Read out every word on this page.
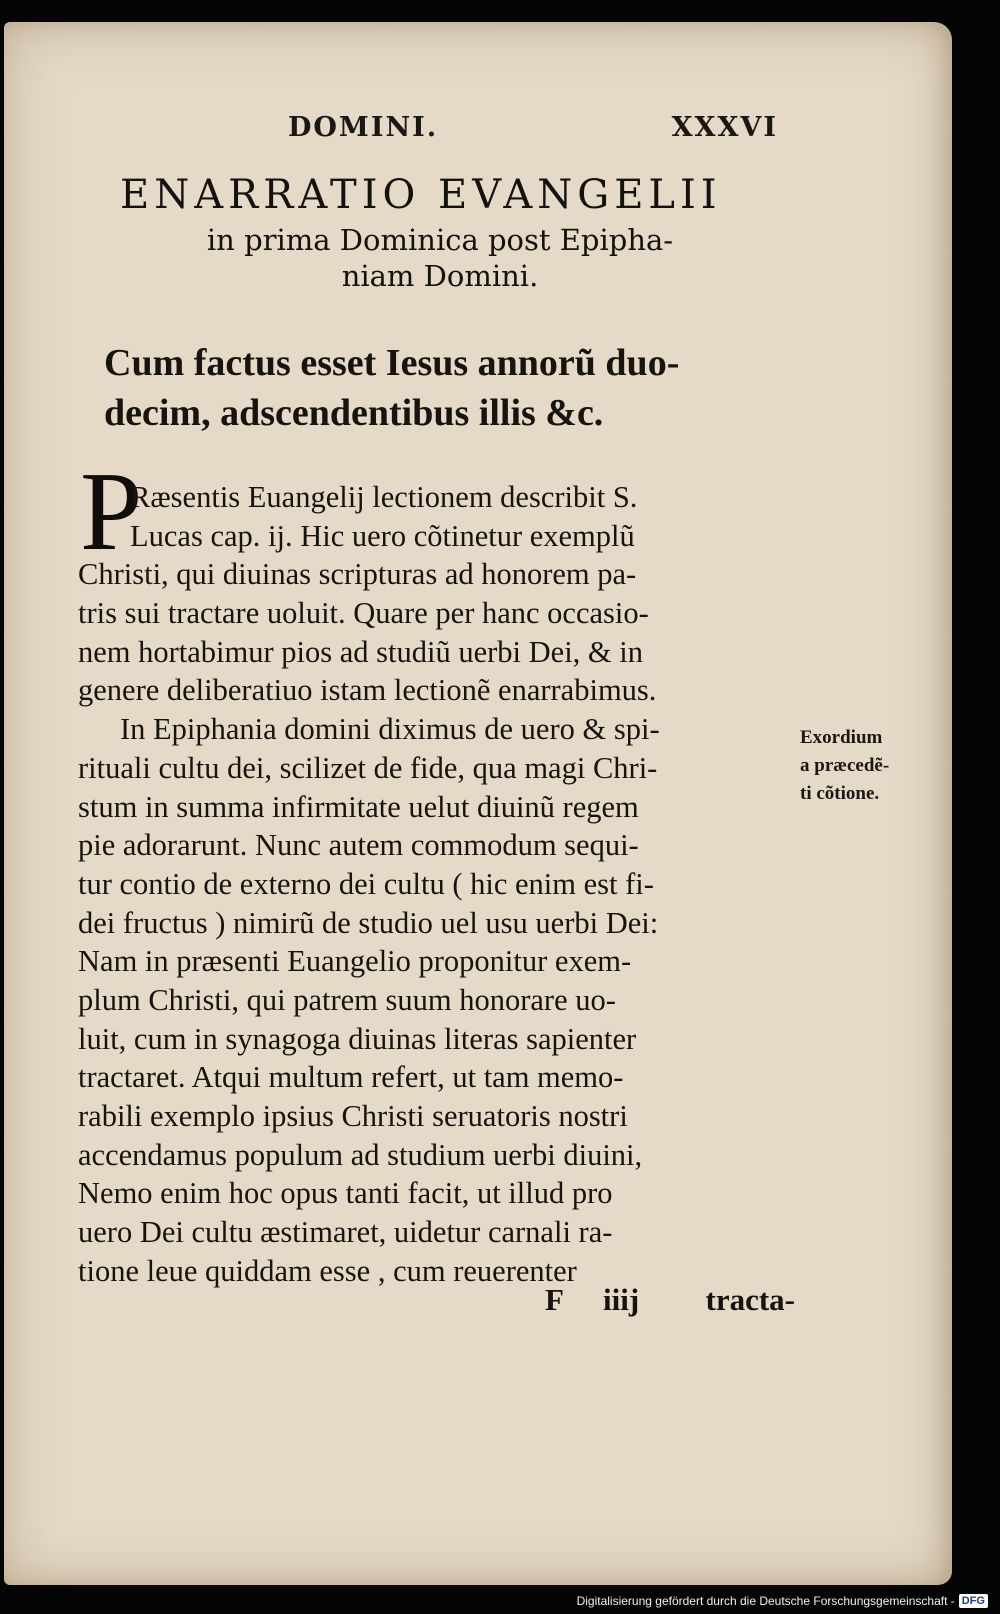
DOMINI.	XXXVI
ENARRATIO EVANGELII
in prima Dominica post Epipha-
niam Domini.
Cum factus esset Iesus annorũ duo-
decim, adscendentibus illis &c.
P
Ræsentis Euangelij lectionem describit S.
Lucas cap. ij. Hic uero cõtinetur exemplũ
Christi, qui diuinas scripturas ad honorem pa-
tris sui tractare uoluit. Quare per hanc occasio-
nem hortabimur pios ad studiũ uerbi Dei, & in
genere deliberatiuo istam lectionẽ enarrabimus.
In Epiphania domini diximus de uero & spi-
rituali cultu dei, scilizet de fide, qua magi Chri-
stum in summa infirmitate uelut diuinũ regem
pie adorarunt. Nunc autem commodum sequi-
tur contio de externo dei cultu ( hic enim est fi-
dei fructus ) nimirũ de studio uel usu uerbi Dei:
Nam in præsenti Euangelio proponitur exem-
plum Christi, qui patrem suum honorare uo-
luit, cum in synagoga diuinas literas sapienter
tractaret. Atqui multum refert, ut tam memo-
rabili exemplo ipsius Christi seruatoris nostri
accendamus populum ad studium uerbi diuini,
Nemo enim hoc opus tanti facit, ut illud pro
uero Dei cultu æstimaret, uidetur carnali ra-
tione leue quiddam esse , cum reuerenter
F iiij tracta-
Exordium
a præcedẽ-
ti cõtione.
Digitalisierung gefördert durch die Deutsche Forschungsgemeinschaft - DFG
